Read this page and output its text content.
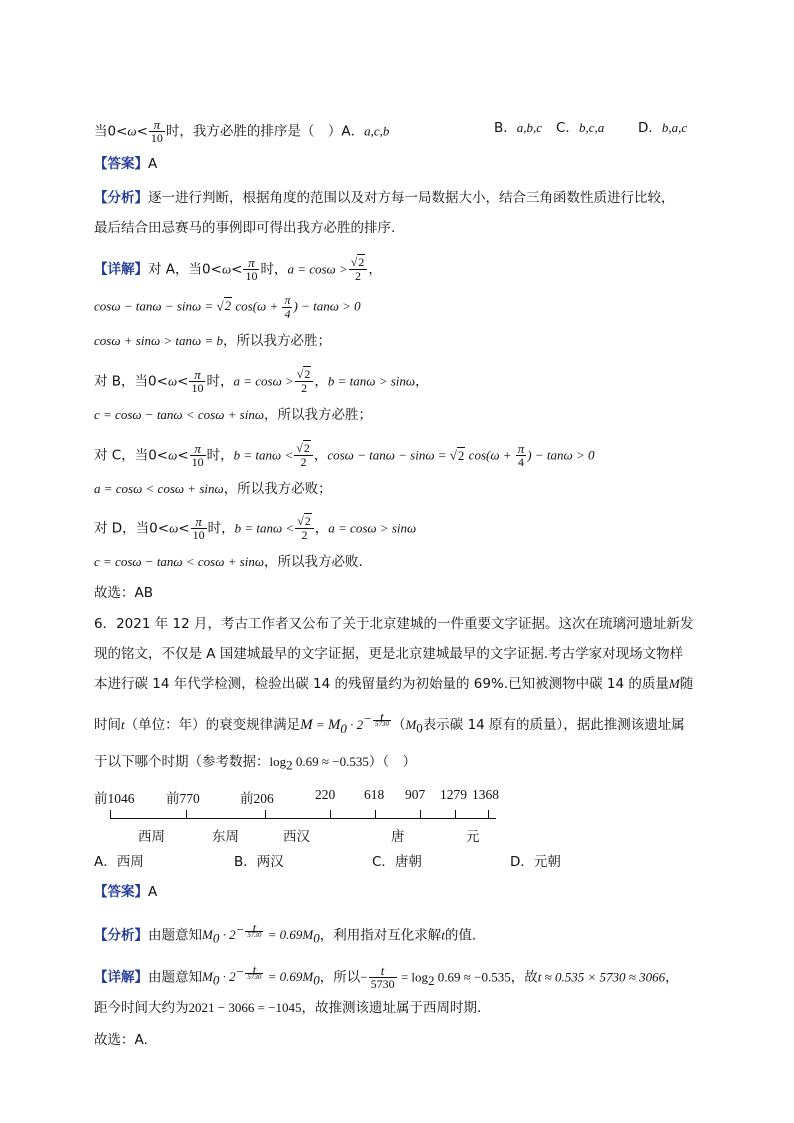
当$0<\omega< \frac{\pi}{10}$ 时，我方必胜的排序是（　）A．a,c,b	B．a,b,c C．b,c,a	D．b,a,c
【答案】A
【分析】逐一进行判断，根据角度的范围以及对方每一局数据大小，结合三角函数性质进行比较，
最后结合田忌赛马的事例即可得出我方必胜的排序.
【详解】对 A，当$0<\omega< \frac{\pi}{10}$ 时，$a = \cos\omega > \frac{√2}{2}$ ，
cosω − tanω − sinω = √2 $\cos(\omega + \frac{\pi}{4}$ ) − tanω > 0
cosω + sinω > tanω = b，所以我方必胜；
对 B，当$0<\omega< \frac{\pi}{10}$ 时，$a = \cos\omega > \frac{√2}{2}$ ，b = tanω > sinω，
c = cosω − tanω < cosω + sinω，所以我方必胜；
对 C，当$0<\omega< \frac{\pi}{10}$ 时，$b = \tan\omega < \frac{√2}{2}$ ，cosω − tanω − sinω = √2 $\cos(\omega + \frac{\pi}{4}$ ) − tanω > 0
a = cosω < cosω + sinω，所以我方必败；
对 D，当$0<\omega< \frac{\pi}{10}$ 时，$b = \tan\omega < \frac{√2}{2}$ ，a = cosω > sinω
c = cosω − tanω < cosω + sinω，所以我方必败.
故选：AB
6．2021 年 12 月，考古工作者又公布了关于北京建城的一件重要文字证据。这次在琉璃河遗址新发
现的铭文，不仅是 A 国建城最早的文字证据，更是北京建城最早的文字证据.考古学家对现场文物样
本进行碳 14 年代学检测，检验出碳 14 的残留量约为初始量的 69%.已知被测物中碳 14 的质量M随
时间t（单位：年）的衰变规律满足$M = M_0 \cdot 2^{- \frac{t}{5730}}$ （$M_0$表示碳 14 原有的质量），据此推测该遗址属
于以下哪个时期（参考数据：$\log_2 0.69 \approx -0.535$）（　）
前1046 前770	前206	220 618 907 1279 1368
西周	东周	西汉	唐	元
A．西周	B．两汉	C．唐朝	D．元朝
【答案】A
【分析】由题意知$M_0 \cdot 2^{- \frac{t}{5730}} = 0.69M_0$，利用指对互化求解t的值.
【详解】由题意知$M_0 \cdot 2^{- \frac{t}{5730}} = 0.69M_0$，所以− $\frac{t}{5730} = \log_2 0.69 \approx -0.535$，故t ≈ 0.535 × 5730 ≈ 3066，
距今时间大约为2021 − 3066 = −1045，故推测该遗址属于西周时期.
故选：A.
